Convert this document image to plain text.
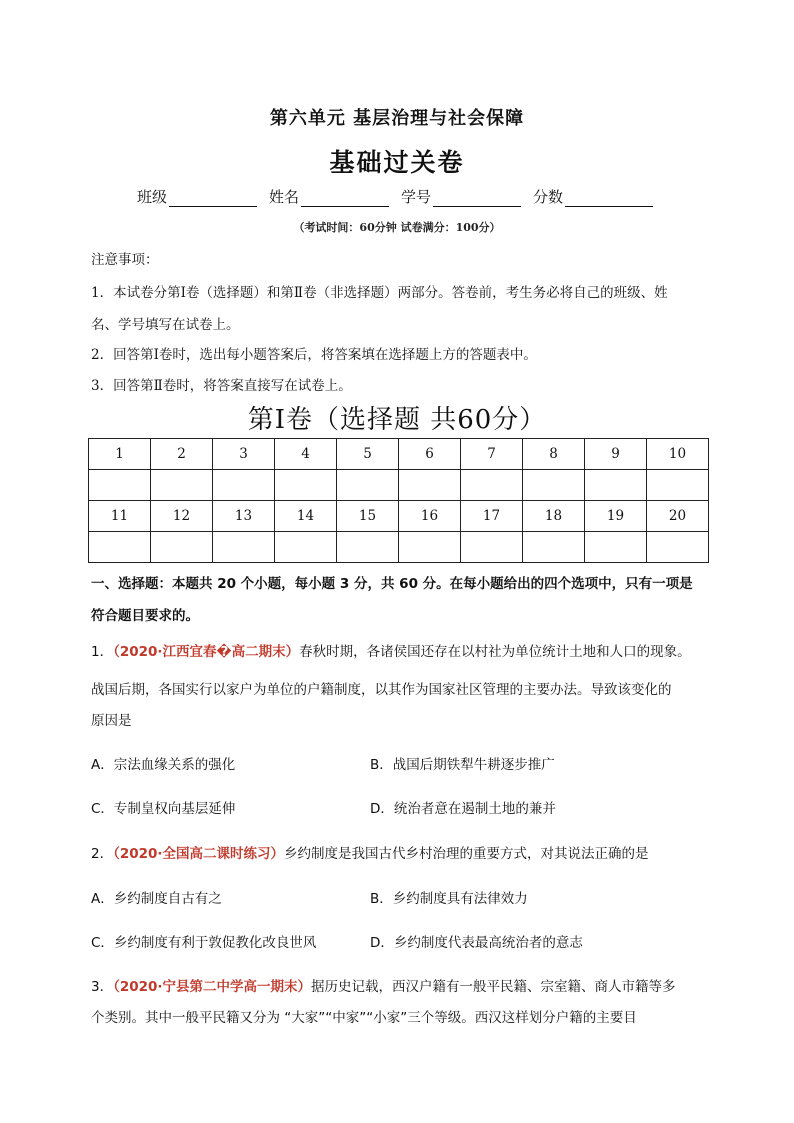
第六单元 基层治理与社会保障
基础过关卷
班级	姓名	学号	分数
（考试时间：60分钟 试卷满分：100分）
注意事项：
1．本试卷分第Ⅰ卷（选择题）和第Ⅱ卷（非选择题）两部分。答卷前，考生务必将自己的班级、姓
名、学号填写在试卷上。
2．回答第Ⅰ卷时，选出每小题答案后，将答案填在选择题上方的答题表中。
3．回答第Ⅱ卷时，将答案直接写在试卷上。
第Ⅰ卷（选择题 共60分）
1	2	3	4	5	6	7	8	9	10

11	12	13	14	15	16	17	18	19	20

一、选择题：本题共 20 个小题，每小题 3 分，共 60 分。在每小题给出的四个选项中，只有一项是
符合题目要求的。
1．（2020·江西宜春�高二期末）春秋时期，各诸侯国还存在以村社为单位统计土地和人口的现象。
战国后期，各国实行以家户为单位的户籍制度，以其作为国家社区管理的主要办法。导致该变化的
原因是
A．宗法血缘关系的强化	B．战国后期铁犁牛耕逐步推广
C．专制皇权向基层延伸	D．统治者意在遏制土地的兼并
2．（2020·全国高二课时练习）乡约制度是我国古代乡村治理的重要方式，对其说法正确的是
A．乡约制度自古有之	B．乡约制度具有法律效力
C．乡约制度有利于敦促教化改良世风	D．乡约制度代表最高统治者的意志
3．（2020·宁县第二中学高一期末）据历史记载，西汉户籍有一般平民籍、宗室籍、商人市籍等多
个类别。其中一般平民籍又分为 “大家”“中家”“小家”三个等级。西汉这样划分户籍的主要目
